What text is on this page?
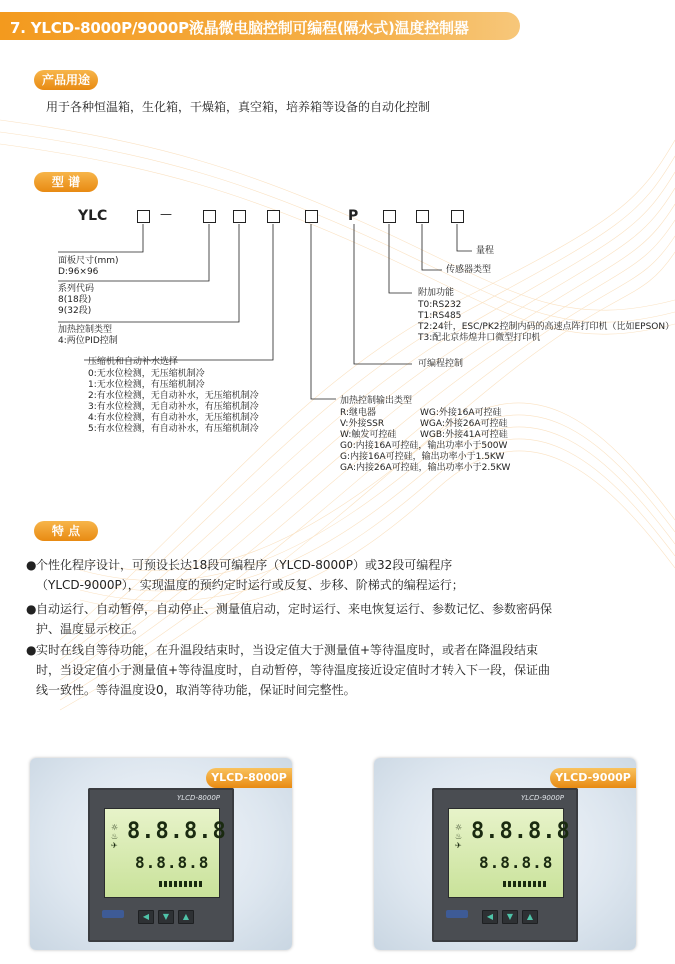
7. YLCD-8000P/9000P液晶微电脑控制可编程(隔水式)温度控制器
产品用途
用于各种恒温箱，生化箱，干燥箱，真空箱，培养箱等设备的自动化控制
型 谱
YLC	—	P
量程
传感器类型
附加功能
T0:RS232
T1:RS485
T2:24针，ESC/PK2控制内码的高速点阵打印机（比如EPSON）
T3:配北京炜煌井口微型打印机
可编程控制
面板尺寸(mm)
D:96×96
系列代码
8(18段)
9(32段)
加热控制类型
4:两位PID控制
压缩机和自动补水选择
0:无水位检测，无压缩机制冷
1:无水位检测，有压缩机制冷
2:有水位检测，无自动补水，无压缩机制冷
3:有水位检测，无自动补水，有压缩机制冷
4:有水位检测，有自动补水，无压缩机制冷
5:有水位检测，有自动补水，有压缩机制冷
加热控制输出类型
R:继电器
V:外接SSR
W:触发可控硅
WG:外接16A可控硅
WGA:外接26A可控硅
WGB:外接41A可控硅
G0:内接16A可控硅，输出功率小于500W
G:内接16A可控硅，输出功率小于1.5KW
GA:内接26A可控硅，输出功率小于2.5KW
特 点
● 个性化程序设计，可预设长达18段可编程序（YLCD-8000P）或32段可编程序
（YLCD-9000P），实现温度的预约定时运行或反复、步移、阶梯式的编程运行；
● 自动运行、自动暂停，自动停止、测量值启动，定时运行、来电恢复运行、参数记忆、参数密码保
护、温度显示校正。
● 实时在线自等待功能，在升温段结束时，当设定值大于测量值+等待温度时，或者在降温段结束
时，当设定值小于测量值+等待温度时，自动暂停，等待温度接近设定值时才转入下一段，保证曲
线一致性。等待温度设0，取消等待功能，保证时间完整性。
YLCD-8000P
YLCD-8000P
8.8.8.8
8.8.8.8
☼
♨
✈
◀	▼	▲
YLCD-9000P
YLCD-9000P
8.8.8.8
8.8.8.8
☼
♨
✈
◀	▼	▲
